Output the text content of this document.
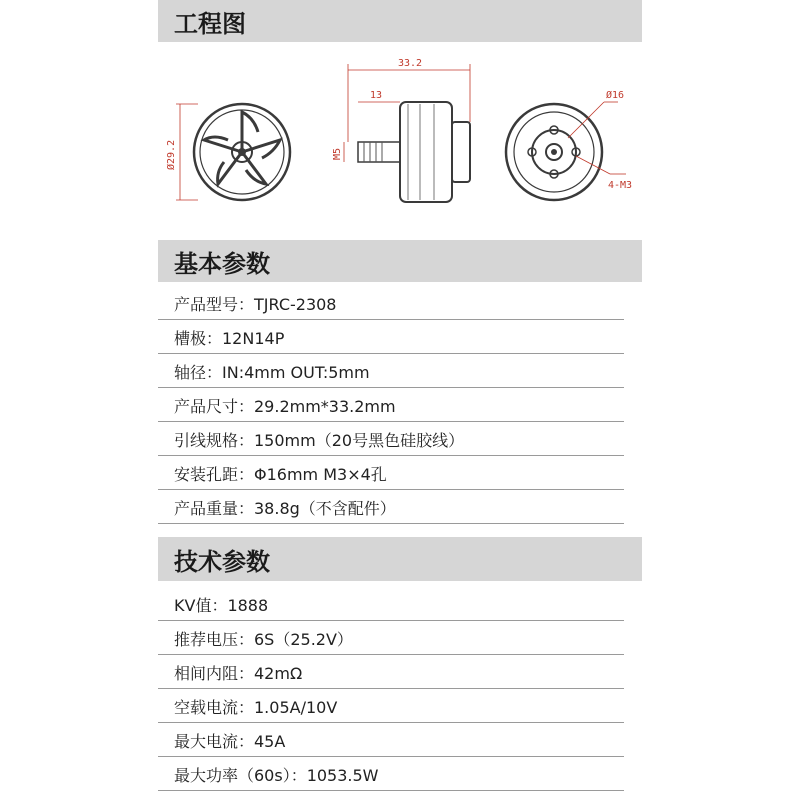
工程图
Ø29.2
33.2
13
M5
Ø16
4-M3
基本参数
产品型号：TJRC-2308
槽极：12N14P
轴径：IN:4mm OUT:5mm
产品尺寸：29.2mm*33.2mm
引线规格：150mm（20号黑色硅胶线）
安装孔距：Φ16mm M3×4孔
产品重量：38.8g（不含配件）
技术参数
KV值：1888
推荐电压：6S（25.2V）
相间内阻：42mΩ
空载电流：1.05A/10V
最大电流：45A
最大功率（60s）：1053.5W
